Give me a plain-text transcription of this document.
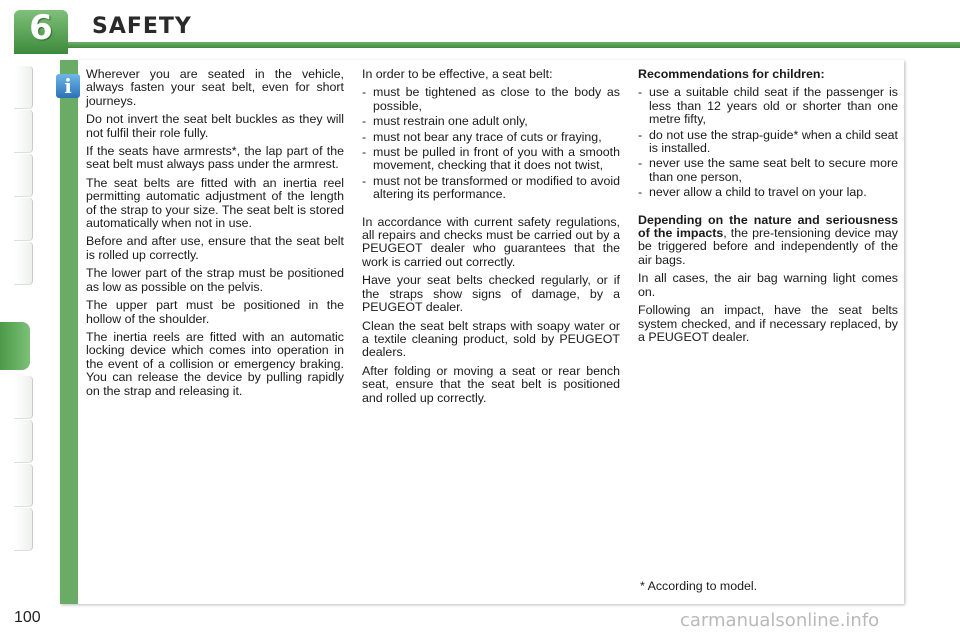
6	SAFETY
i	Wherever you are seated in the vehicle, always fasten your seat belt, even for short journeys.

Do not invert the seat belt buckles as they will not fulfil their role fully.

If the seats have armrests*, the lap part of the seat belt must always pass under the armrest.

The seat belts are fitted with an inertia reel permitting automatic adjustment of the length of the strap to your size. The seat belt is stored automatically when not in use.

Before and after use, ensure that the seat belt is rolled up correctly.

The lower part of the strap must be positioned as low as possible on the pelvis.

The upper part must be positioned in the hollow of the shoulder.

The inertia reels are fitted with an automatic locking device which comes into operation in the event of a collision or emergency braking. You can release the device by pulling rapidly on the strap and releasing it.

In order to be effective, a seat belt:

- must be tightened as close to the body as possible,
- must restrain one adult only,
- must not bear any trace of cuts or fraying,
- must be pulled in front of you with a smooth movement, checking that it does not twist,
- must not be transformed or modified to avoid altering its performance.

In accordance with current safety regulations, all repairs and checks must be carried out by a PEUGEOT dealer who guarantees that the work is carried out correctly.

Have your seat belts checked regularly, or if the straps show signs of damage, by a PEUGEOT dealer.

Clean the seat belt straps with soapy water or a textile cleaning product, sold by PEUGEOT dealers.

After folding or moving a seat or rear bench seat, ensure that the seat belt is positioned and rolled up correctly.

Recommendations for children:

- use a suitable child seat if the passenger is less than 12 years old or shorter than one metre fifty,
- do not use the strap-guide* when a child seat is installed.
- never use the same seat belt to secure more than one person,
- never allow a child to travel on your lap.

Depending on the nature and seriousness of the impacts, the pre-tensioning device may be triggered before and independently of the air bags.

In all cases, the air bag warning light comes on.

Following an impact, have the seat belts system checked, and if necessary replaced, by a PEUGEOT dealer.

* According to model.
100	carmanualsonline.info
